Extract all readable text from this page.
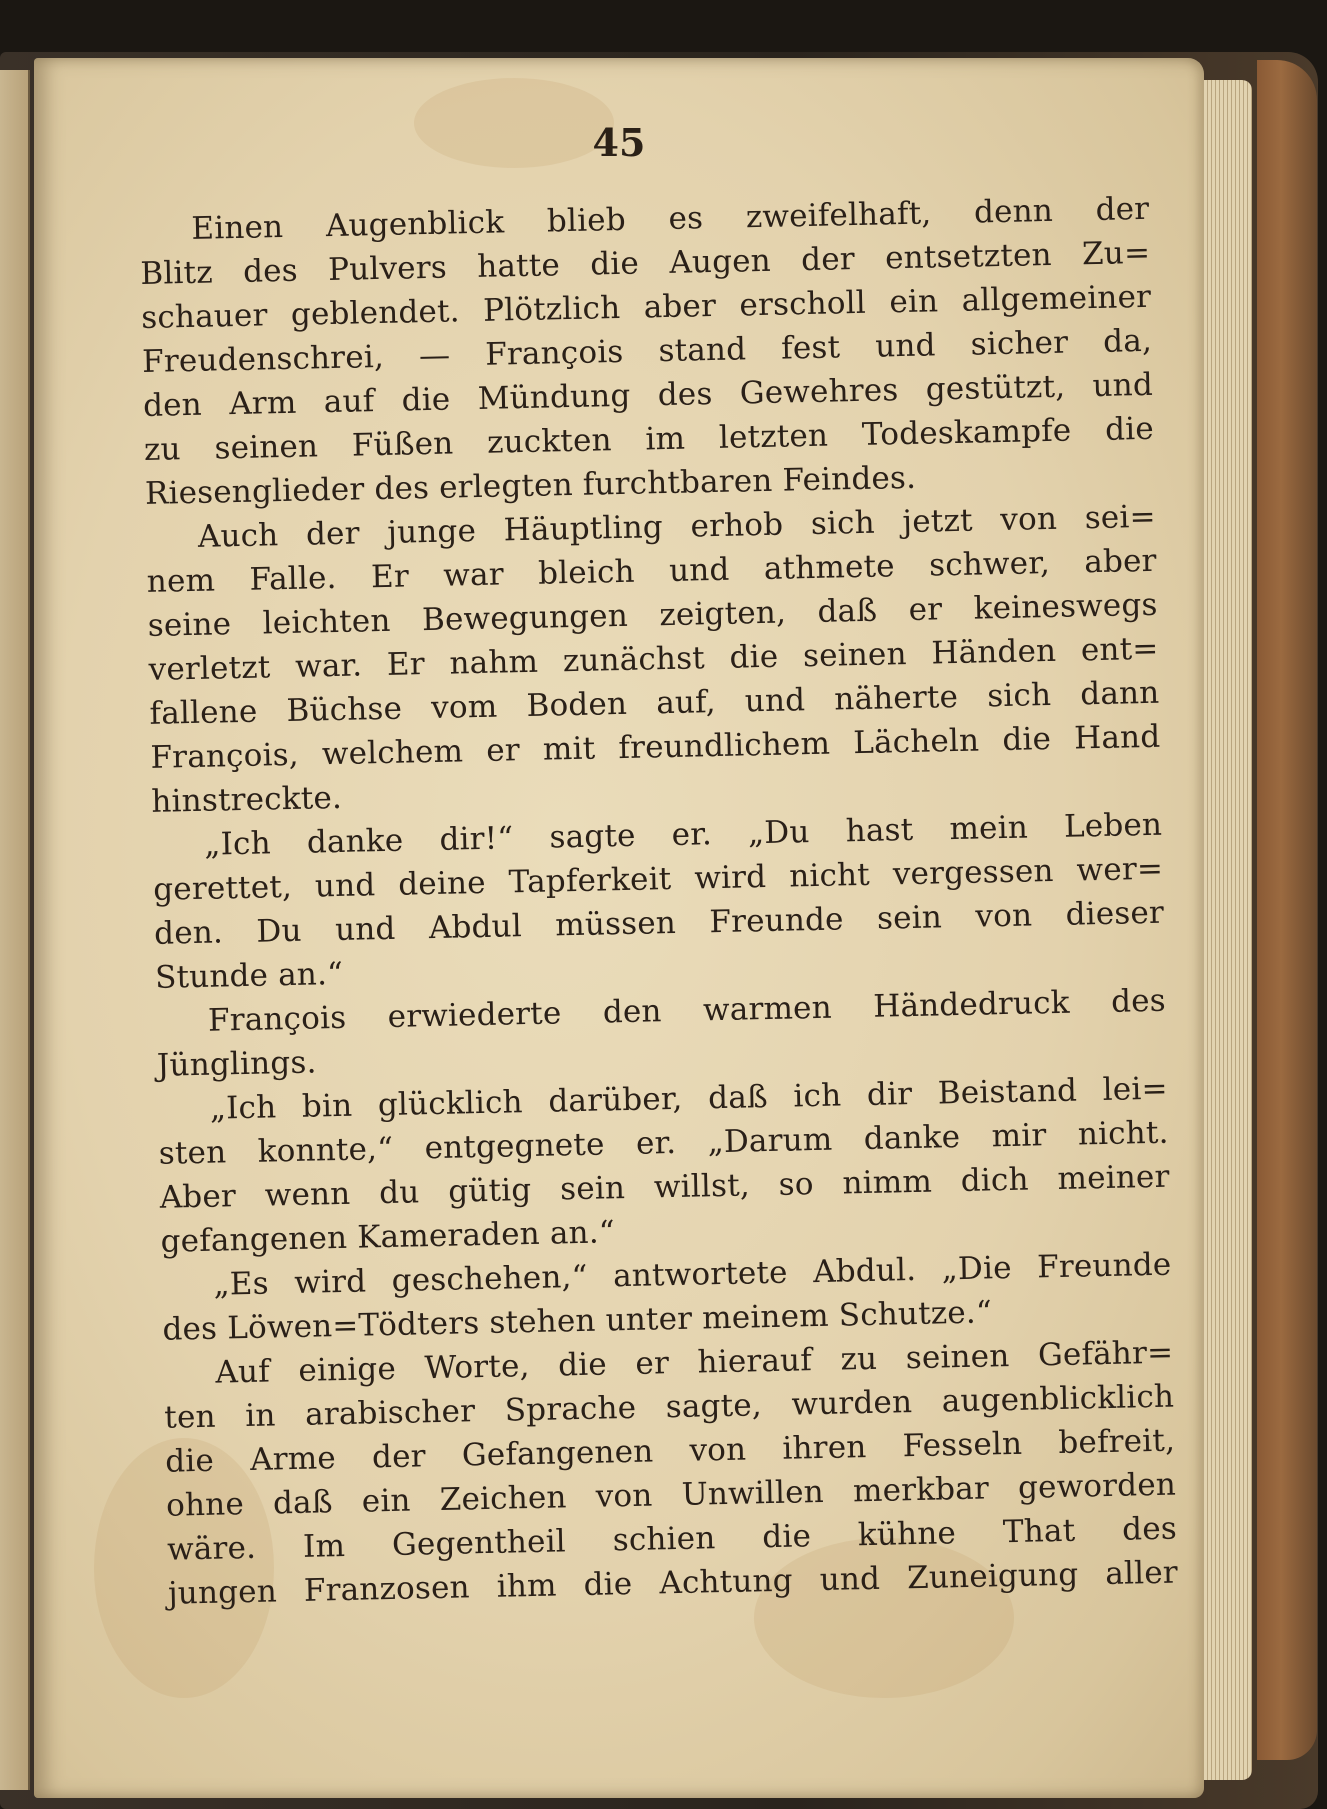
45

Einen Augenblick blieb es zweifelhaft, denn der
Blitz des Pulvers hatte die Augen der entsetzten Zu=
schauer geblendet. Plötzlich aber erscholl ein allgemeiner
Freudenschrei, — François stand fest und sicher da,
den Arm auf die Mündung des Gewehres gestützt, und
zu seinen Füßen zuckten im letzten Todeskampfe die
Riesenglieder des erlegten furchtbaren Feindes.
Auch der junge Häuptling erhob sich jetzt von sei=
nem Falle. Er war bleich und athmete schwer, aber
seine leichten Bewegungen zeigten, daß er keineswegs
verletzt war. Er nahm zunächst die seinen Händen ent=
fallene Büchse vom Boden auf, und näherte sich dann
François, welchem er mit freundlichem Lächeln die Hand
hinstreckte.
„Ich danke dir!“ sagte er. „Du hast mein Leben
gerettet, und deine Tapferkeit wird nicht vergessen wer=
den. Du und Abdul müssen Freunde sein von dieser
Stunde an.“
François erwiederte den warmen Händedruck des
Jünglings.
„Ich bin glücklich darüber, daß ich dir Beistand lei=
sten konnte,“ entgegnete er. „Darum danke mir nicht.
Aber wenn du gütig sein willst, so nimm dich meiner
gefangenen Kameraden an.“
„Es wird geschehen,“ antwortete Abdul. „Die Freunde
des Löwen=Tödters stehen unter meinem Schutze.“
Auf einige Worte, die er hierauf zu seinen Gefähr=
ten in arabischer Sprache sagte, wurden augenblicklich
die Arme der Gefangenen von ihren Fesseln befreit,
ohne daß ein Zeichen von Unwillen merkbar geworden
wäre. Im Gegentheil schien die kühne That des
jungen Franzosen ihm die Achtung und Zuneigung aller
